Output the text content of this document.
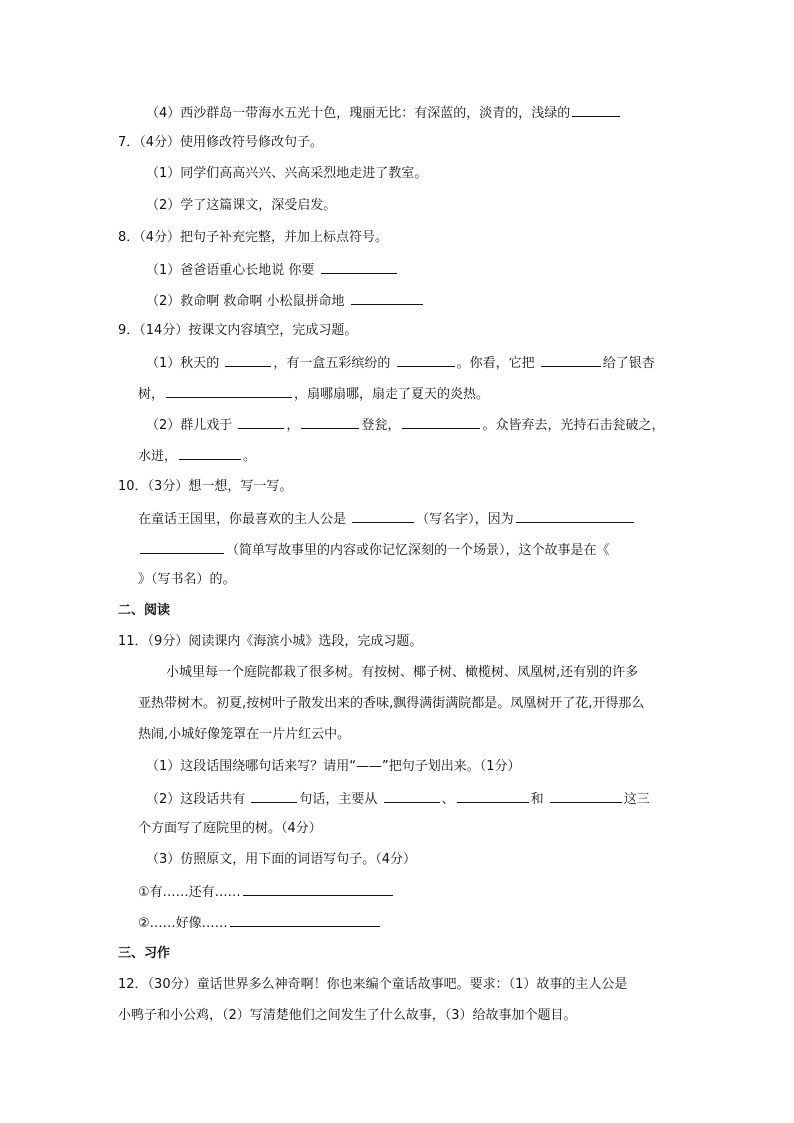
（4）西沙群岛一带海水五光十色，瑰丽无比：有深蓝的，淡青的，浅绿的
7．（4分）使用修改符号修改句子。
（1）同学们高高兴兴、兴高采烈地走进了教室。
（2）学了这篇课文，深受启发。
8．（4分）把句子补充完整，并加上标点符号。
（1）爸爸语重心长地说 你要
（2）救命啊 救命啊 小松鼠拼命地
9．（14分）按课文内容填空，完成习题。
（1）秋天的	，有一盒五彩缤纷的	。你看，它把	给了银杏
树，	，扇哪扇哪，扇走了夏天的炎热。
（2）群儿戏于	，	登瓮，	。众皆弃去，光持石击瓮破之，
水迸，	。
10．（3分）想一想，写一写。
在童话王国里，你最喜欢的主人公是	（写名字），因为
（简单写故事里的内容或你记忆深刻的一个场景），这个故事是在《
》（写书名）的。
二、阅读
11．（9分）阅读课内《海滨小城》选段，完成习题。
小城里每一个庭院都栽了很多树。有按树、椰子树、橄榄树、凤凰树,还有别的许多
亚热带树木。初夏,按树叶子散发出来的香味,飘得满街满院都是。凤凰树开了花,开得那么
热闹,小城好像笼罩在一片片红云中。
（1）这段话围绕哪句话来写？请用“——”把句子划出来。（1分）
（2）这段话共有	句话，主要从	、	和	这三
个方面写了庭院里的树。（4分）
（3）仿照原文，用下面的词语写句子。（4分）
①有……还有……
②……好像……
三、习作
12．（30分）童话世界多么神奇啊！你也来编个童话故事吧。要求：（1）故事的主人公是
小鸭子和小公鸡，（2）写清楚他们之间发生了什么故事，（3）给故事加个题目。
